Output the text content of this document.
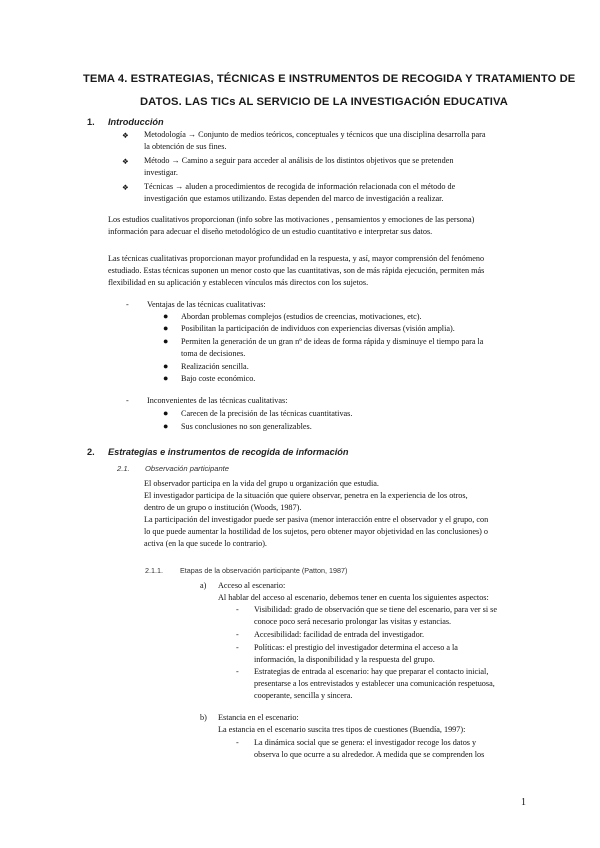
TEMA 4. ESTRATEGIAS, TÉCNICAS E INSTRUMENTOS DE RECOGIDA Y TRATAMIENTO DE
DATOS. LAS TICs AL SERVICIO DE LA INVESTIGACIÓN EDUCATIVA
1. Introducción
❖ Metodología → Conjunto de medios teóricos, conceptuales y técnicos que una disciplina desarrolla para
la obtención de sus fines.
❖ Método → Camino a seguir para acceder al análisis de los distintos objetivos que se pretenden
investigar.
❖ Técnicas → aluden a procedimientos de recogida de información relacionada con el método de
investigación que estamos utilizando. Estas dependen del marco de investigación a realizar.
Los estudios cualitativos proporcionan (info sobre las motivaciones , pensamientos y emociones de las persona)
información para adecuar el diseño metodológico de un estudio cuantitativo e interpretar sus datos.
Las técnicas cualitativas proporcionan mayor profundidad en la respuesta, y así, mayor comprensión del fenómeno
estudiado. Estas técnicas suponen un menor costo que las cuantitativas, son de más rápida ejecución, permiten más
flexibilidad en su aplicación y establecen vínculos más directos con los sujetos.
- Ventajas de las técnicas cualitativas:
● Abordan problemas complejos (estudios de creencias, motivaciones, etc).
● Posibilitan la participación de individuos con experiencias diversas (visión amplia).
● Permiten la generación de un gran nº de ideas de forma rápida y disminuye el tiempo para la
toma de decisiones.
● Realización sencilla.
● Bajo coste económico.
- Inconvenientes de las técnicas cualitativas:
● Carecen de la precisión de las técnicas cuantitativas.
● Sus conclusiones no son generalizables.
2. Estrategias e instrumentos de recogida de información
2.1. Observación participante
El observador participa en la vida del grupo u organización que estudia.
El investigador participa de la situación que quiere observar, penetra en la experiencia de los otros,
dentro de un grupo o institución (Woods, 1987).
La participación del investigador puede ser pasiva (menor interacción entre el observador y el grupo, con
lo que puede aumentar la hostilidad de los sujetos, pero obtener mayor objetividad en las conclusiones) o
activa (en la que sucede lo contrario).
2.1.1. Etapas de la observación participante (Patton, 1987)
a) Acceso al escenario:
Al hablar del acceso al escenario, debemos tener en cuenta los siguientes aspectos:
- Visibilidad: grado de observación que se tiene del escenario, para ver si se
conoce poco será necesario prolongar las visitas y estancias.
- Accesibilidad: facilidad de entrada del investigador.
- Políticas: el prestigio del investigador determina el acceso a la
información, la disponibilidad y la respuesta del grupo.
- Estrategias de entrada al escenario: hay que preparar el contacto inicial,
presentarse a los entrevistados y establecer una comunicación respetuosa,
cooperante, sencilla y sincera.
b) Estancia en el escenario:
La estancia en el escenario suscita tres tipos de cuestiones (Buendía, 1997):
- La dinámica social que se genera: el investigador recoge los datos y
observa lo que ocurre a su alrededor. A medida que se comprenden los
1
